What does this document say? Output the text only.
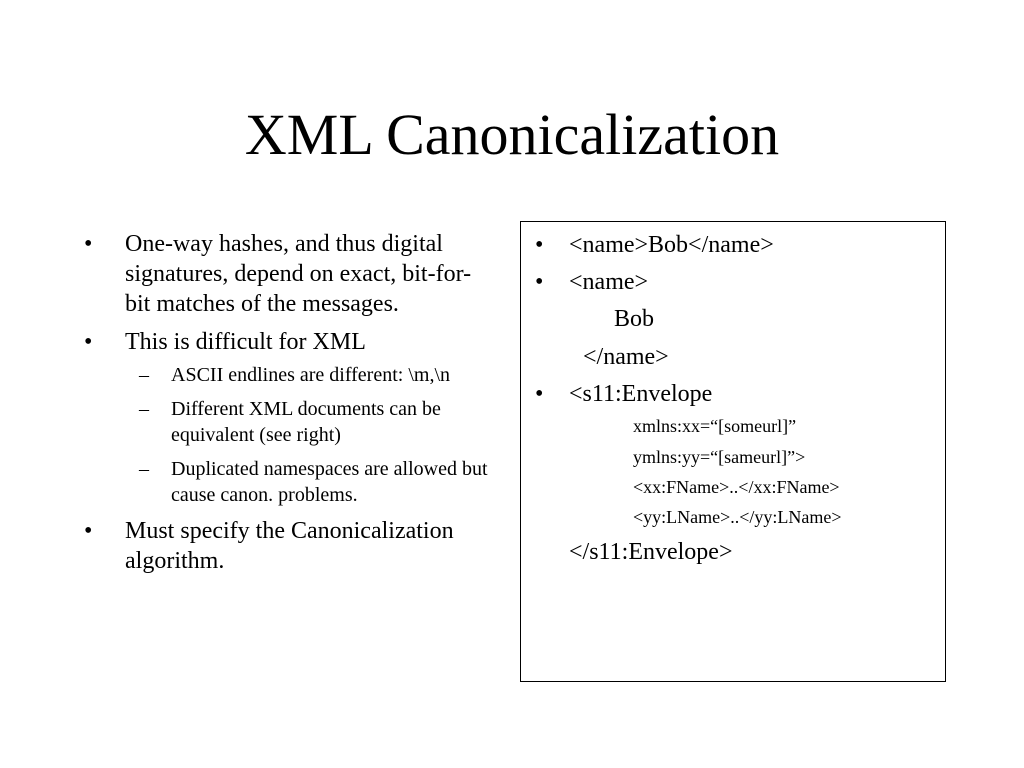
XML Canonicalization
• One-way hashes, and thus digital signatures, depend on exact, bit-for-bit matches of the messages.
• This is difficult for XML
– ASCII endlines are different: \m,\n
– Different XML documents can be equivalent (see right)
– Duplicated namespaces are allowed but cause canon. problems.
• Must specify the Canonicalization algorithm.
• <name>Bob</name>
• <name>
Bob
</name>
• <s11:Envelope
xmlns:xx=“[someurl]”
ymlns:yy=“[sameurl]”>
<xx:FName>..</xx:FName>
<yy:LName>..</yy:LName>
</s11:Envelope>
